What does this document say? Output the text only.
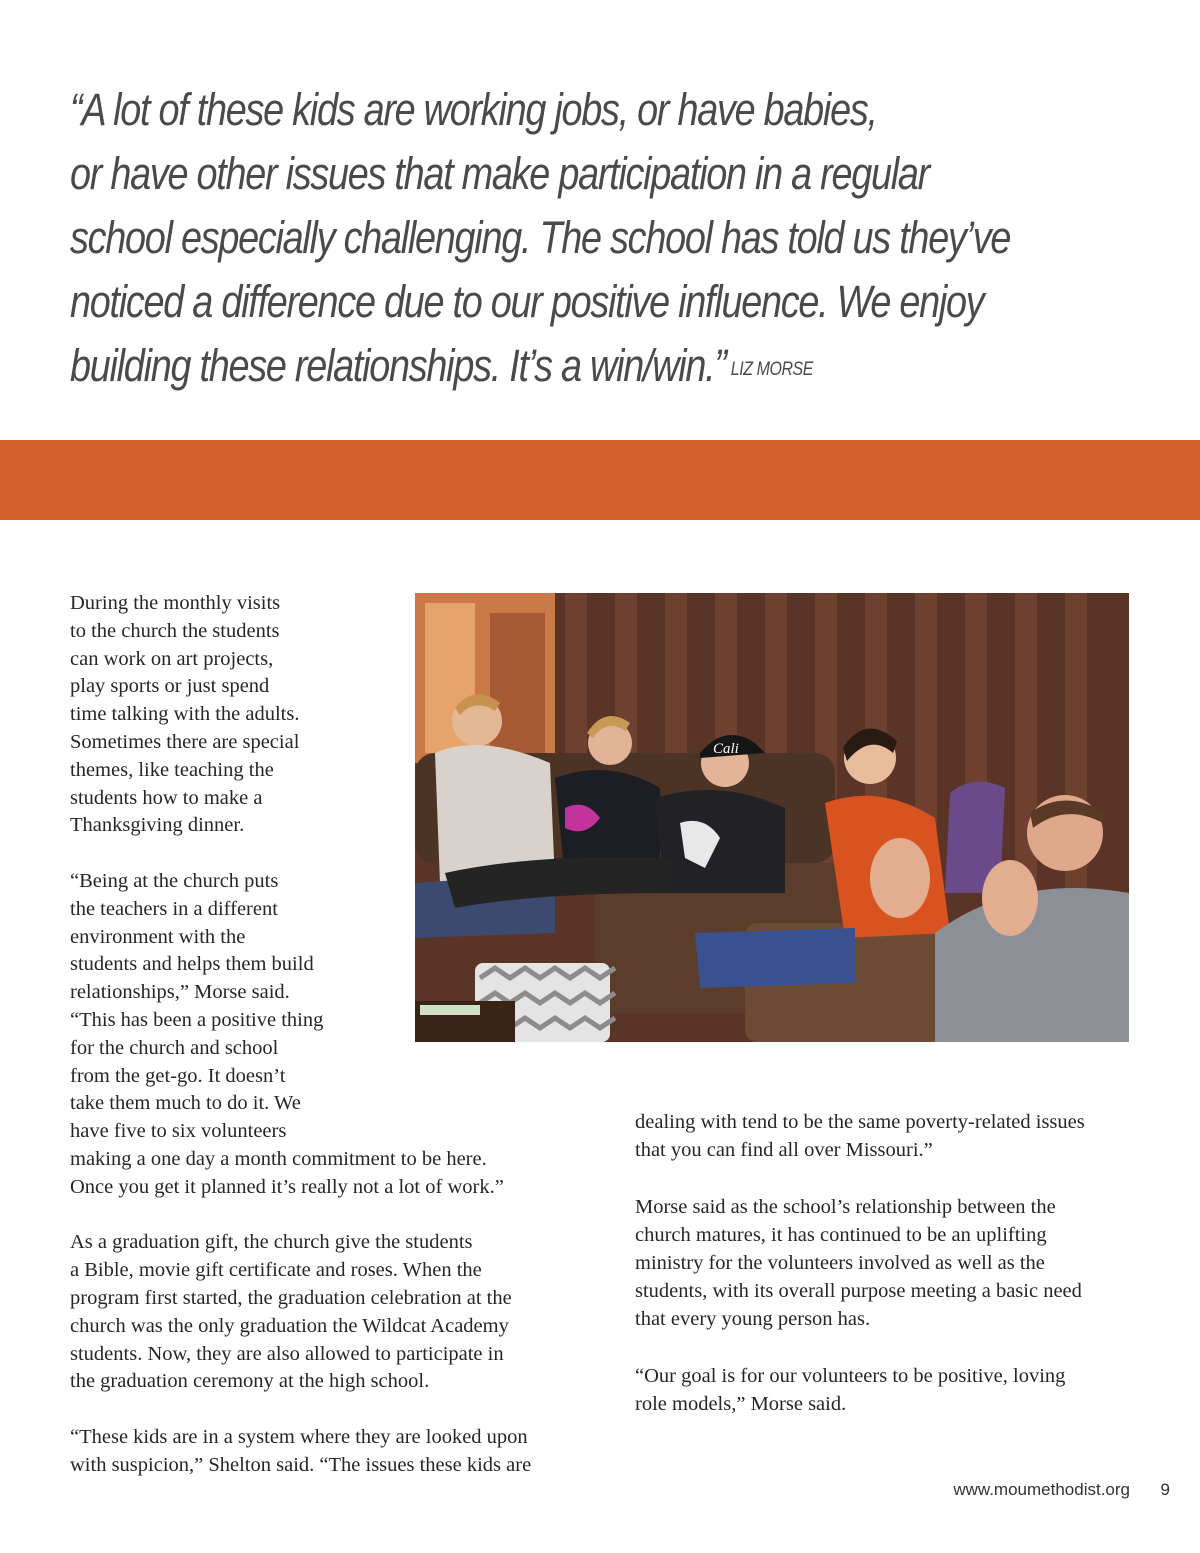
“A lot of these kids are working jobs, or have babies,
or have other issues that make participation in a regular
school especially challenging. The school has told us they’ve
noticed a difference due to our positive influence. We enjoy
building these relationships. It’s a win/win.” LIZ MORSE
Cali

During the monthly visits
to the church the students
can work on art projects,
play sports or just spend
time talking with the adults.
Sometimes there are special
themes, like teaching the
students how to make a
Thanksgiving dinner.

“Being at the church puts
the teachers in a different
environment with the
students and helps them build
relationships,” Morse said.
“This has been a positive thing
for the church and school
from the get-go. It doesn’t
take them much to do it. We
have five to six volunteers
making a one day a month commitment to be here.
Once you get it planned it’s really not a lot of work.”

As a graduation gift, the church give the students
a Bible, movie gift certificate and roses. When the
program first started, the graduation celebration at the
church was the only graduation the Wildcat Academy
students. Now, they are also allowed to participate in
the graduation ceremony at the high school.

“These kids are in a system where they are looked upon
with suspicion,” Shelton said. “The issues these kids are

dealing with tend to be the same poverty-related issues
that you can find all over Missouri.”

Morse said as the school’s relationship between the
church matures, it has continued to be an uplifting
ministry for the volunteers involved as well as the
students, with its overall purpose meeting a basic need
that every young person has.

“Our goal is for our volunteers to be positive, loving
role models,” Morse said.

www.moumethodist.org 9
